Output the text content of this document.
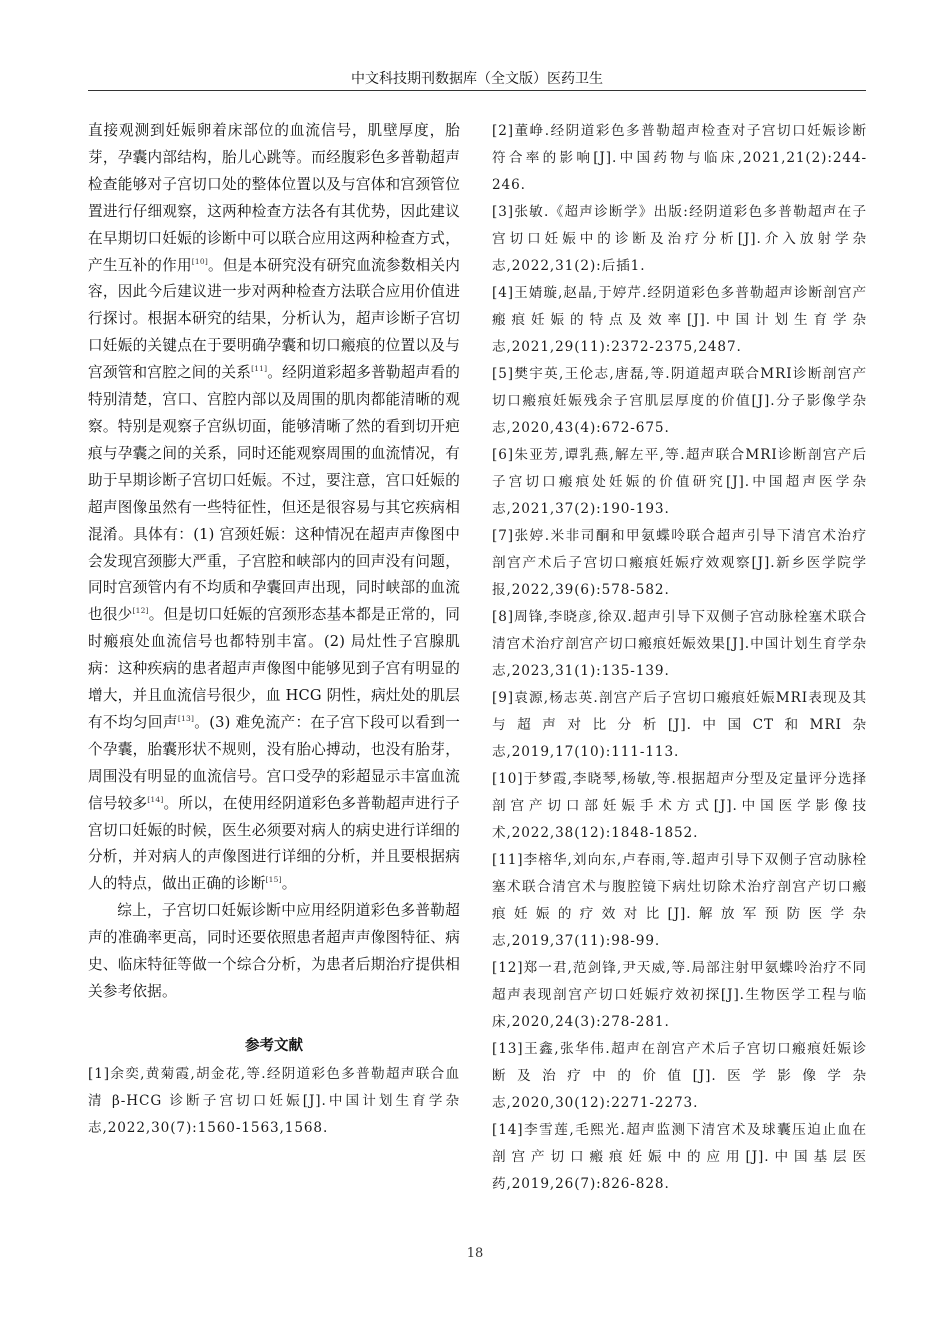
中文科技期刊数据库（全文版）医药卫生

直接观测到妊娠卵着床部位的血流信号，肌壁厚度，胎芽，孕囊内部结构，胎儿心跳等。而经腹彩色多普勒超声检查能够对子宫切口处的整体位置以及与宫体和宫颈管位置进行仔细观察，这两种检查方法各有其优势，因此建议在早期切口妊娠的诊断中可以联合应用这两种检查方式，产生互补的作用[10]。但是本研究没有研究血流参数相关内容，因此今后建议进一步对两种检查方法联合应用价值进行探讨。根据本研究的结果，分析认为，超声诊断子宫切口妊娠的关键点在于要明确孕囊和切口瘢痕的位置以及与宫颈管和宫腔之间的关系[11]。经阴道彩超多普勒超声看的特别清楚，宫口、宫腔内部以及周围的肌肉都能清晰的观察。特别是观察子宫纵切面，能够清晰了然的看到切开疤痕与孕囊之间的关系，同时还能观察周围的血流情况，有助于早期诊断子宫切口妊娠。不过，要注意，宫口妊娠的超声图像虽然有一些特征性，但还是很容易与其它疾病相混淆。具体有：(1) 宫颈妊娠：这种情况在超声声像图中会发现宫颈膨大严重，子宫腔和峡部内的回声没有问题，同时宫颈管内有不均质和孕囊回声出现，同时峡部的血流也很少[12]。但是切口妊娠的宫颈形态基本都是正常的，同时瘢痕处血流信号也都特别丰富。(2) 局灶性子宫腺肌病：这种疾病的患者超声声像图中能够见到子宫有明显的增大，并且血流信号很少，血 HCG 阴性，病灶处的肌层有不均匀回声[13]。(3) 难免流产：在子宫下段可以看到一个孕囊，胎囊形状不规则，没有胎心搏动，也没有胎芽，周围没有明显的血流信号。宫口受孕的彩超显示丰富血流信号较多[14]。所以，在使用经阴道彩色多普勒超声进行子宫切口妊娠的时候，医生必须要对病人的病史进行详细的分析，并对病人的声像图进行详细的分析，并且要根据病人的特点，做出正确的诊断[15]。

综上，子宫切口妊娠诊断中应用经阴道彩色多普勒超声的准确率更高，同时还要依照患者超声声像图特征、病史、临床特征等做一个综合分析，为患者后期治疗提供相关参考依据。

参考文献

[1]余奕,黄菊霞,胡金花,等.经阴道彩色多普勒超声联合血清 β-HCG 诊断子宫切口妊娠[J].中国计划生育学杂志,2022,30(7):1560-1563,1568.

[2]董峥.经阴道彩色多普勒超声检查对子宫切口妊娠诊断符合率的影响[J].中国药物与临床,2021,21(2):244-246.

[3]张敏.《超声诊断学》出版:经阴道彩色多普勒超声在子宫切口妊娠中的诊断及治疗分析[J].介入放射学杂志,2022,31(2):后插1.

[4]王婧璇,赵晶,于婷芹.经阴道彩色多普勒超声诊断剖宫产瘢痕妊娠的特点及效率[J].中国计划生育学杂志,2021,29(11):2372-2375,2487.

[5]樊宇英,王伦志,唐磊,等.阴道超声联合MRI诊断剖宫产切口瘢痕妊娠残余子宫肌层厚度的价值[J].分子影像学杂志,2020,43(4):672-675.

[6]朱亚芳,谭乳燕,解左平,等.超声联合MRI诊断剖宫产后子宫切口瘢痕处妊娠的价值研究[J].中国超声医学杂志,2021,37(2):190-193.

[7]张婷.米非司酮和甲氨蝶呤联合超声引导下清宫术治疗剖宫产术后子宫切口瘢痕妊娠疗效观察[J].新乡医学院学报,2022,39(6):578-582.

[8]周锋,李晓彦,徐双.超声引导下双侧子宫动脉栓塞术联合清宫术治疗剖宫产切口瘢痕妊娠效果[J].中国计划生育学杂志,2023,31(1):135-139.

[9]袁源,杨志英.剖宫产后子宫切口瘢痕妊娠MRI表现及其与超声对比分析[J].中国CT和MRI杂志,2019,17(10):111-113.

[10]于梦霞,李晓琴,杨敏,等.根据超声分型及定量评分选择剖宫产切口部妊娠手术方式[J].中国医学影像技术,2022,38(12):1848-1852.

[11]李榕华,刘向东,卢春雨,等.超声引导下双侧子宫动脉栓塞术联合清宫术与腹腔镜下病灶切除术治疗剖宫产切口瘢痕妊娠的疗效对比[J].解放军预防医学杂志,2019,37(11):98-99.

[12]郑一君,范剑锋,尹天威,等.局部注射甲氨蝶呤治疗不同超声表现剖宫产切口妊娠疗效初探[J].生物医学工程与临床,2020,24(3):278-281.

[13]王鑫,张华伟.超声在剖宫产术后子宫切口瘢痕妊娠诊断及治疗中的价值[J].医学影像学杂志,2020,30(12):2271-2273.

[14]李雪莲,毛熙光.超声监测下清宫术及球囊压迫止血在剖宫产切口瘢痕妊娠中的应用[J].中国基层医药,2019,26(7):826-828.

18
